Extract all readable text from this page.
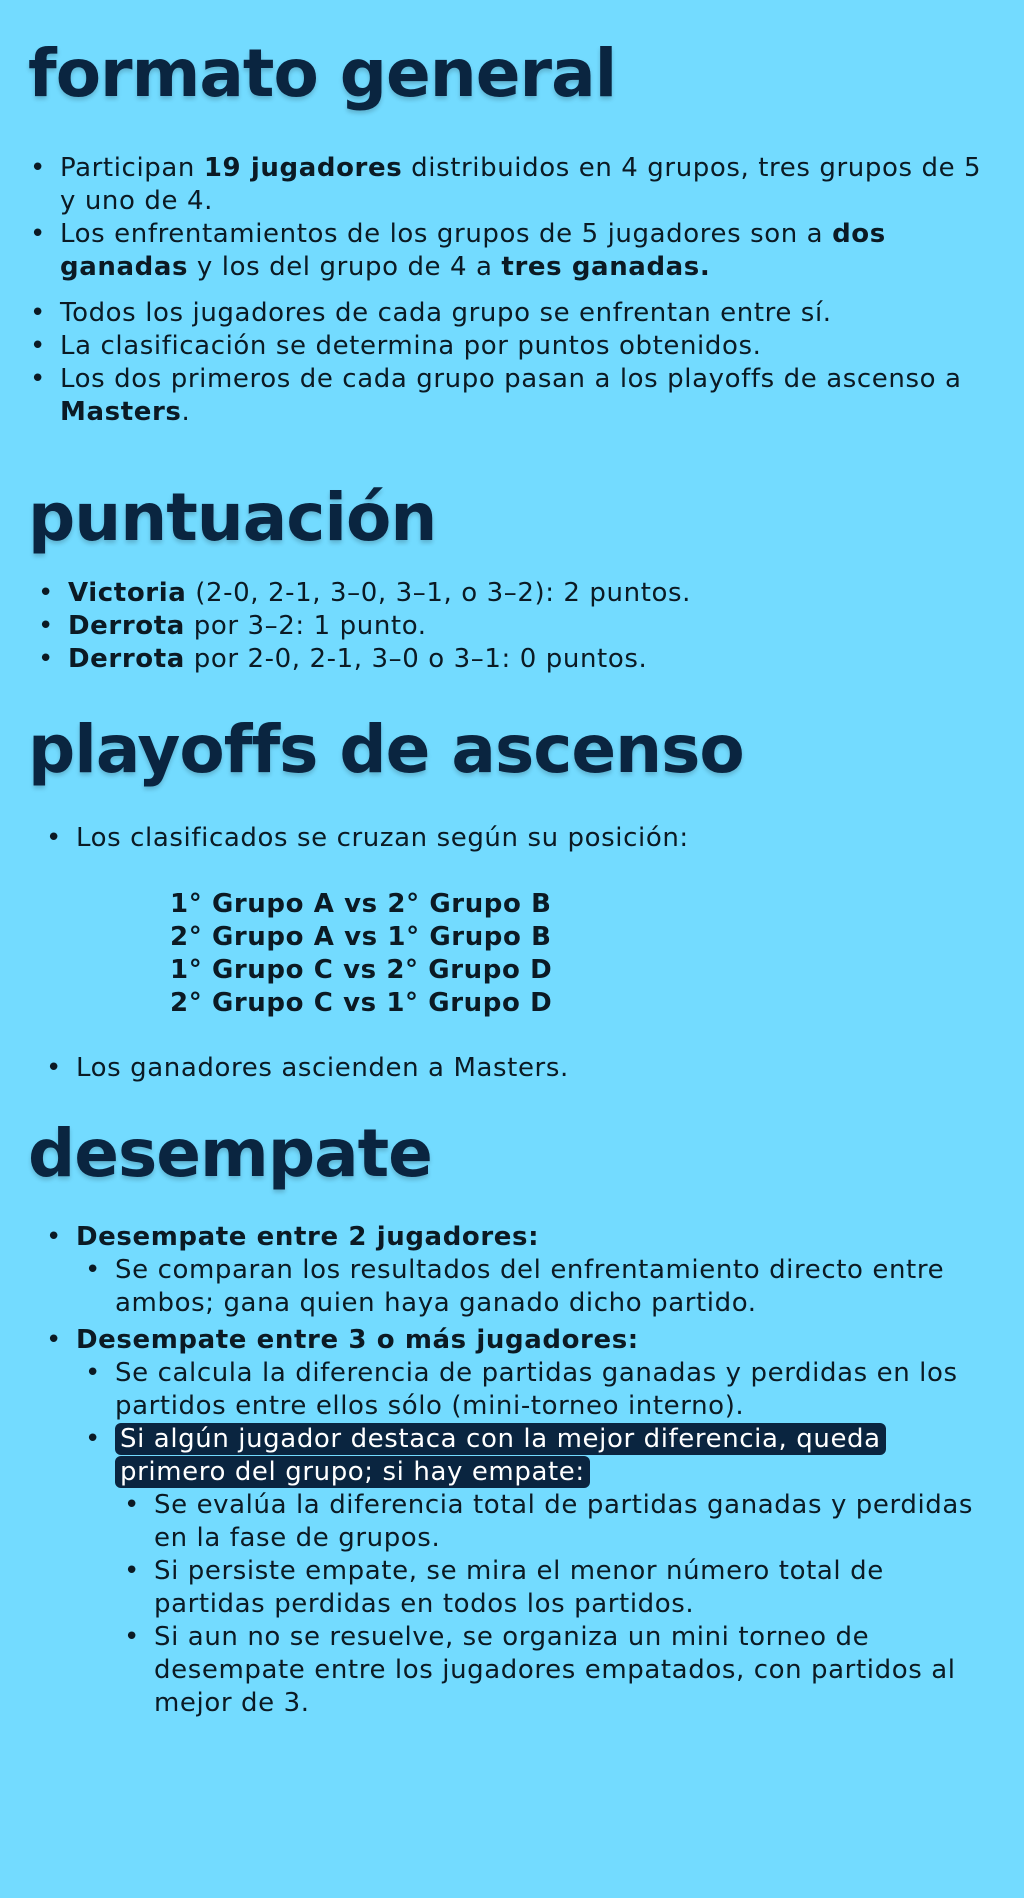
formato general
• Participan 19 jugadores distribuidos en 4 grupos, tres grupos de 5 y uno de 4.
• Los enfrentamientos de los grupos de 5 jugadores son a dos ganadas y los del grupo de 4 a tres ganadas.
• Todos los jugadores de cada grupo se enfrentan entre sí.
• La clasificación se determina por puntos obtenidos.
• Los dos primeros de cada grupo pasan a los playoffs de ascenso a Masters.
puntuación
• Victoria (2-0, 2-1, 3–0, 3–1, o 3–2): 2 puntos.
• Derrota por 3–2: 1 punto.
• Derrota por 2-0, 2-1, 3–0 o 3–1: 0 puntos.
playoffs de ascenso
• Los clasificados se cruzan según su posición:
1° Grupo A vs 2° Grupo B
2° Grupo A vs 1° Grupo B
1° Grupo C vs 2° Grupo D
2° Grupo C vs 1° Grupo D
• Los ganadores ascienden a Masters.
desempate
• Desempate entre 2 jugadores:
• Se comparan los resultados del enfrentamiento directo entre ambos; gana quien haya ganado dicho partido.
• Desempate entre 3 o más jugadores:
• Se calcula la diferencia de partidas ganadas y perdidas en los partidos entre ellos sólo (mini-torneo interno).
• Si algún jugador destaca con la mejor diferencia, queda primero del grupo; si hay empate:
• Se evalúa la diferencia total de partidas ganadas y perdidas en la fase de grupos.
• Si persiste empate, se mira el menor número total de partidas perdidas en todos los partidos.
• Si aun no se resuelve, se organiza un mini torneo de desempate entre los jugadores empatados, con partidos al mejor de 3.
